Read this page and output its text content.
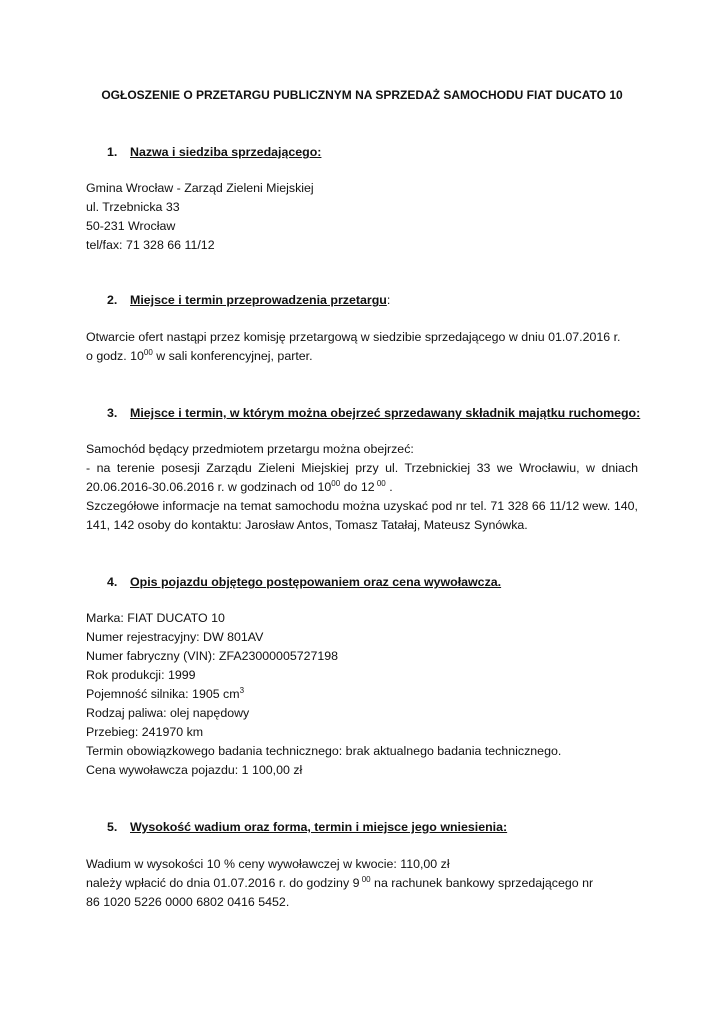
OGŁOSZENIE O PRZETARGU PUBLICZNYM NA SPRZEDAŻ SAMOCHODU FIAT DUCATO 10
1. Nazwa i siedziba sprzedającego:
Gmina Wrocław - Zarząd Zieleni Miejskiej
ul. Trzebnicka 33
50-231 Wrocław
tel/fax: 71 328 66 11/12
2. Miejsce i termin przeprowadzenia przetargu:
Otwarcie ofert nastąpi przez komisję przetargową w siedzibie sprzedającego w dniu 01.07.2016 r.
o godz. $10^{00}$ w sali konferencyjnej, parter.
3. Miejsce i termin, w którym można obejrzeć sprzedawany składnik majątku ruchomego:
Samochód będący przedmiotem przetargu można obejrzeć:
- na terenie posesji Zarządu Zieleni Miejskiej przy ul. Trzebnickiej 33 we Wrocławiu, w dniach
20.06.2016-30.06.2016 r. w godzinach od $10^{00}$ do 12 $^{00}$ .
Szczegółowe informacje na temat samochodu można uzyskać pod nr tel. 71 328 66 11/12 wew. 140,
141, 142 osoby do kontaktu: Jarosław Antos, Tomasz Tatałaj, Mateusz Synówka.
4. Opis pojazdu objętego postępowaniem oraz cena wywoławcza.
Marka: FIAT DUCATO 10
Numer rejestracyjny: DW 801AV
Numer fabryczny (VIN): ZFA23000005727198
Rok produkcji: 1999
Pojemność silnika: 1905 $cm^3$
Rodzaj paliwa: olej napędowy
Przebieg: 241970 km
Termin obowiązkowego badania technicznego: brak aktualnego badania technicznego.
Cena wywoławcza pojazdu: 1 100,00 zł
5. Wysokość wadium oraz forma, termin i miejsce jego wniesienia:
Wadium w wysokości 10 % ceny wywoławczej w kwocie: 110,00 zł
należy wpłacić do dnia 01.07.2016 r. do godziny 9 $^{00}$ na rachunek bankowy sprzedającego nr
86 1020 5226 0000 6802 0416 5452.
